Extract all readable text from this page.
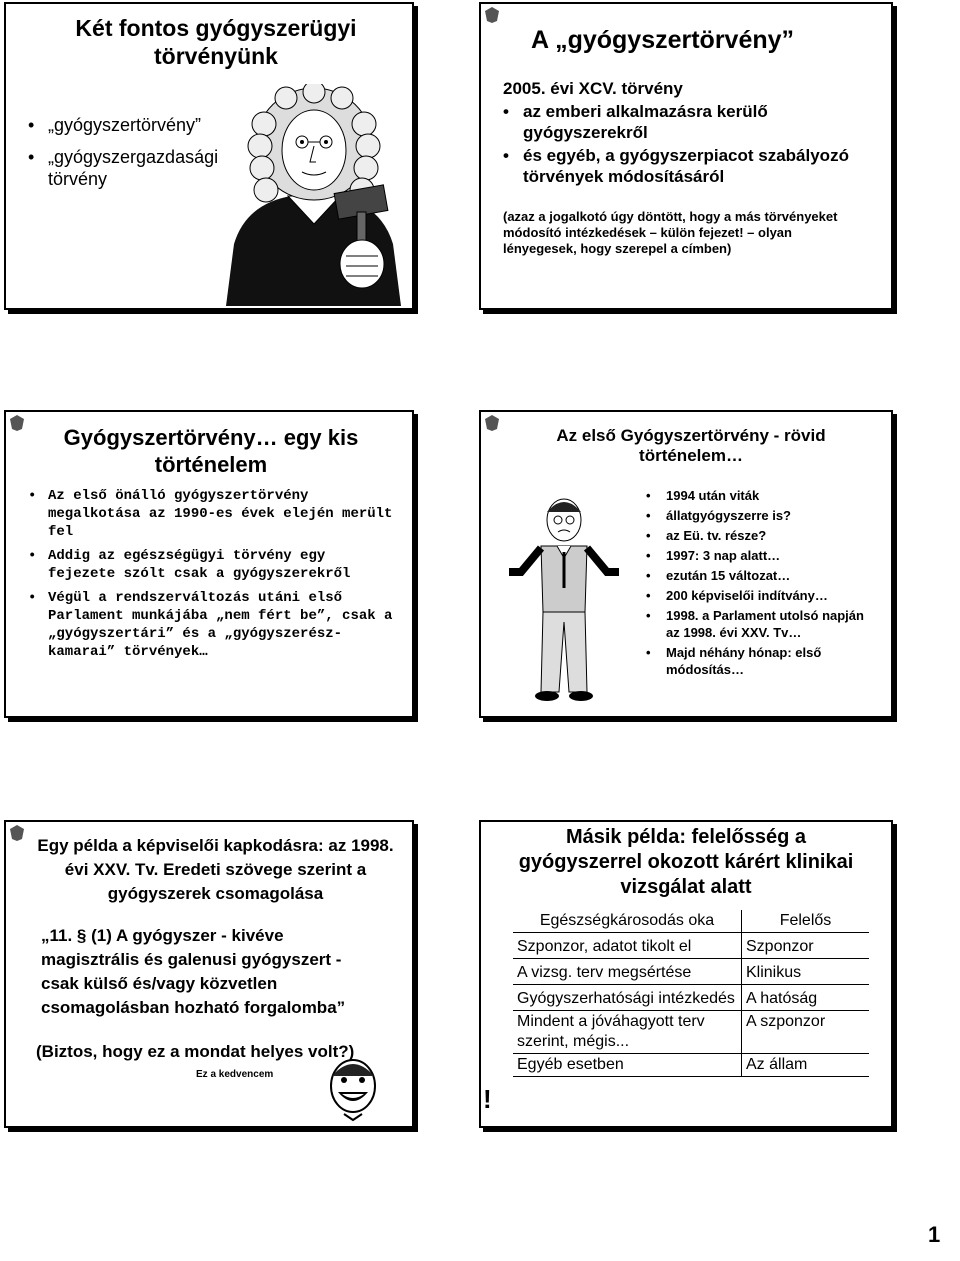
Két fontos gyógyszerügyi törvényünk
• „gyógyszertörvény”
• „gyógyszergazdasági törvény
A „gyógyszertörvény”
2005. évi XCV. törvény
• az emberi alkalmazásra kerülő gyógyszerekről
• és egyéb, a gyógyszerpiacot szabályozó törvények módosításáról
(azaz a jogalkotó úgy döntött, hogy a más törvényeket módosító intézkedések – külön fejezet! – olyan lényegesek, hogy szerepel a címben)
Gyógyszertörvény… egy kis történelem
• Az első önálló gyógyszertörvény megalkotása az 1990-es évek elején merült fel
• Addig az egészségügyi törvény egy fejezete szólt csak a gyógyszerekről
• Végül a rendszerváltozás utáni első Parlament munkájába „nem fért be”, csak a „gyógyszertári” és a „gyógyszerész-kamarai” törvények…
Az első Gyógyszertörvény - rövid történelem…
• 1994 után viták
• állatgyógyszerre is?
• az Eü. tv. része?
• 1997: 3 nap alatt…
• ezután 15 változat…
• 200 képviselői indítvány…
• 1998. a Parlament utolsó napján az 1998. évi XXV. Tv…
• Majd néhány hónap: első módosítás…
Egy példa a képviselői kapkodásra: az 1998. évi XXV. Tv. Eredeti szövege szerint a gyógyszerek csomagolása
„11. § (1) A gyógyszer - kivéve magisztrális és galenusi gyógyszert - csak külső és/vagy közvetlen csomagolásban hozható forgalomba”
(Biztos, hogy ez a mondat helyes volt?)
Ez a kedvencem
Másik példa: felelősség a gyógyszerrel okozott kárért klinikai vizsgálat alatt
!
Egészségkárosodás oka	Felelős
Szponzor, adatot tikolt el	Szponzor
A vizsg. terv megsértése	Klinikus
Gyógyszerhatósági intézkedés	A hatóság
Mindent a jóváhagyott terv szerint, mégis...	A szponzor
Egyéb esetben	Az állam
1
